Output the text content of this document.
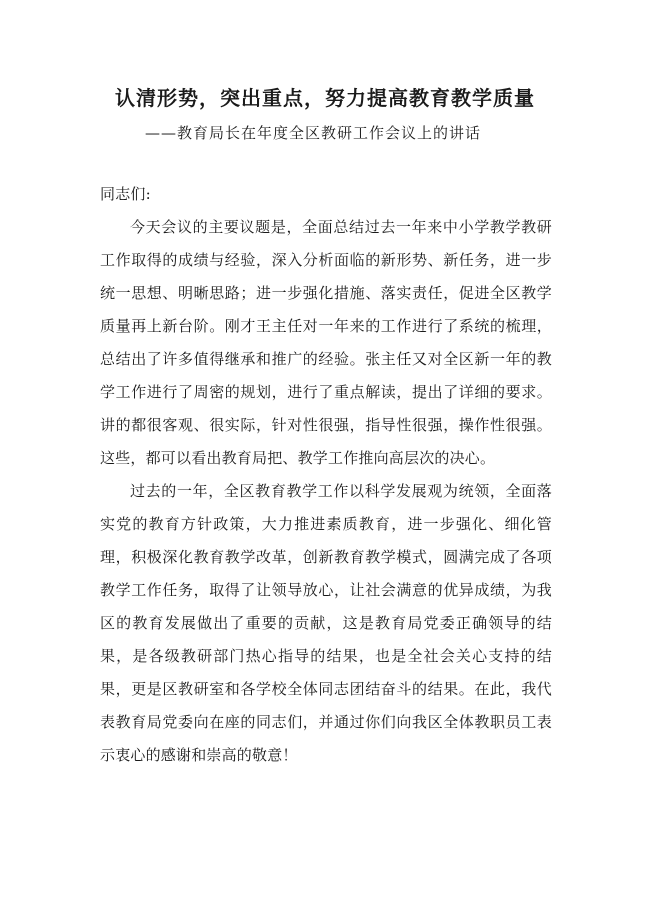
认清形势，突出重点，努力提高教育教学质量
——教育局长在年度全区教研工作会议上的讲话

同志们:

今天会议的主要议题是，全面总结过去一年来中小学教学教研工作取得的成绩与经验，深入分析面临的新形势、新任务，进一步统一思想、明晰思路；进一步强化措施、落实责任，促进全区教学质量再上新台阶。刚才王主任对一年来的工作进行了系统的梳理，总结出了许多值得继承和推广的经验。张主任又对全区新一年的教学工作进行了周密的规划，进行了重点解读，提出了详细的要求。讲的都很客观、很实际，针对性很强，指导性很强，操作性很强。这些，都可以看出教育局把、教学工作推向高层次的决心。

过去的一年，全区教育教学工作以科学发展观为统领，全面落实党的教育方针政策，大力推进素质教育，进一步强化、细化管理，积极深化教育教学改革，创新教育教学模式，圆满完成了各项教学工作任务，取得了让领导放心，让社会满意的优异成绩，为我区的教育发展做出了重要的贡献，这是教育局党委正确领导的结果，是各级教研部门热心指导的结果，也是全社会关心支持的结果，更是区教研室和各学校全体同志团结奋斗的结果。在此，我代表教育局党委向在座的同志们，并通过你们向我区全体教职员工表示衷心的感谢和崇高的敬意！
